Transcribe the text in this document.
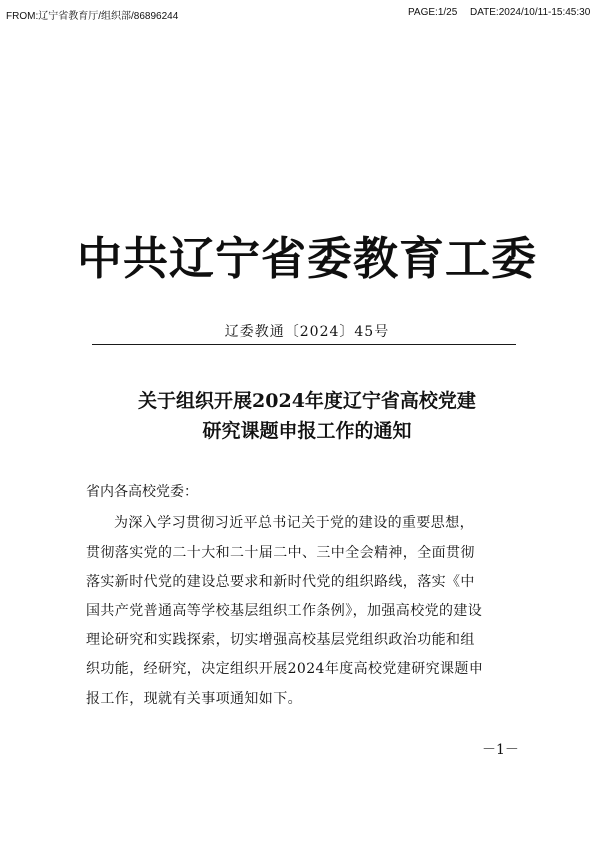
FROM:辽宁省教育厅/组织部/86896244	PAGE:1/25 DATE:2024/10/11-15:45:30
中共辽宁省委教育工委
辽委教通〔2024〕45号
关于组织开展2024年度辽宁省高校党建
研究课题申报工作的通知
省内各高校党委：
为深入学习贯彻习近平总书记关于党的建设的重要思想，
贯彻落实党的二十大和二十届二中、三中全会精神，全面贯彻
落实新时代党的建设总要求和新时代党的组织路线，落实《中
国共产党普通高等学校基层组织工作条例》，加强高校党的建设
理论研究和实践探索，切实增强高校基层党组织政治功能和组
织功能，经研究，决定组织开展2024年度高校党建研究课题申
报工作，现就有关事项通知如下。
－1－
